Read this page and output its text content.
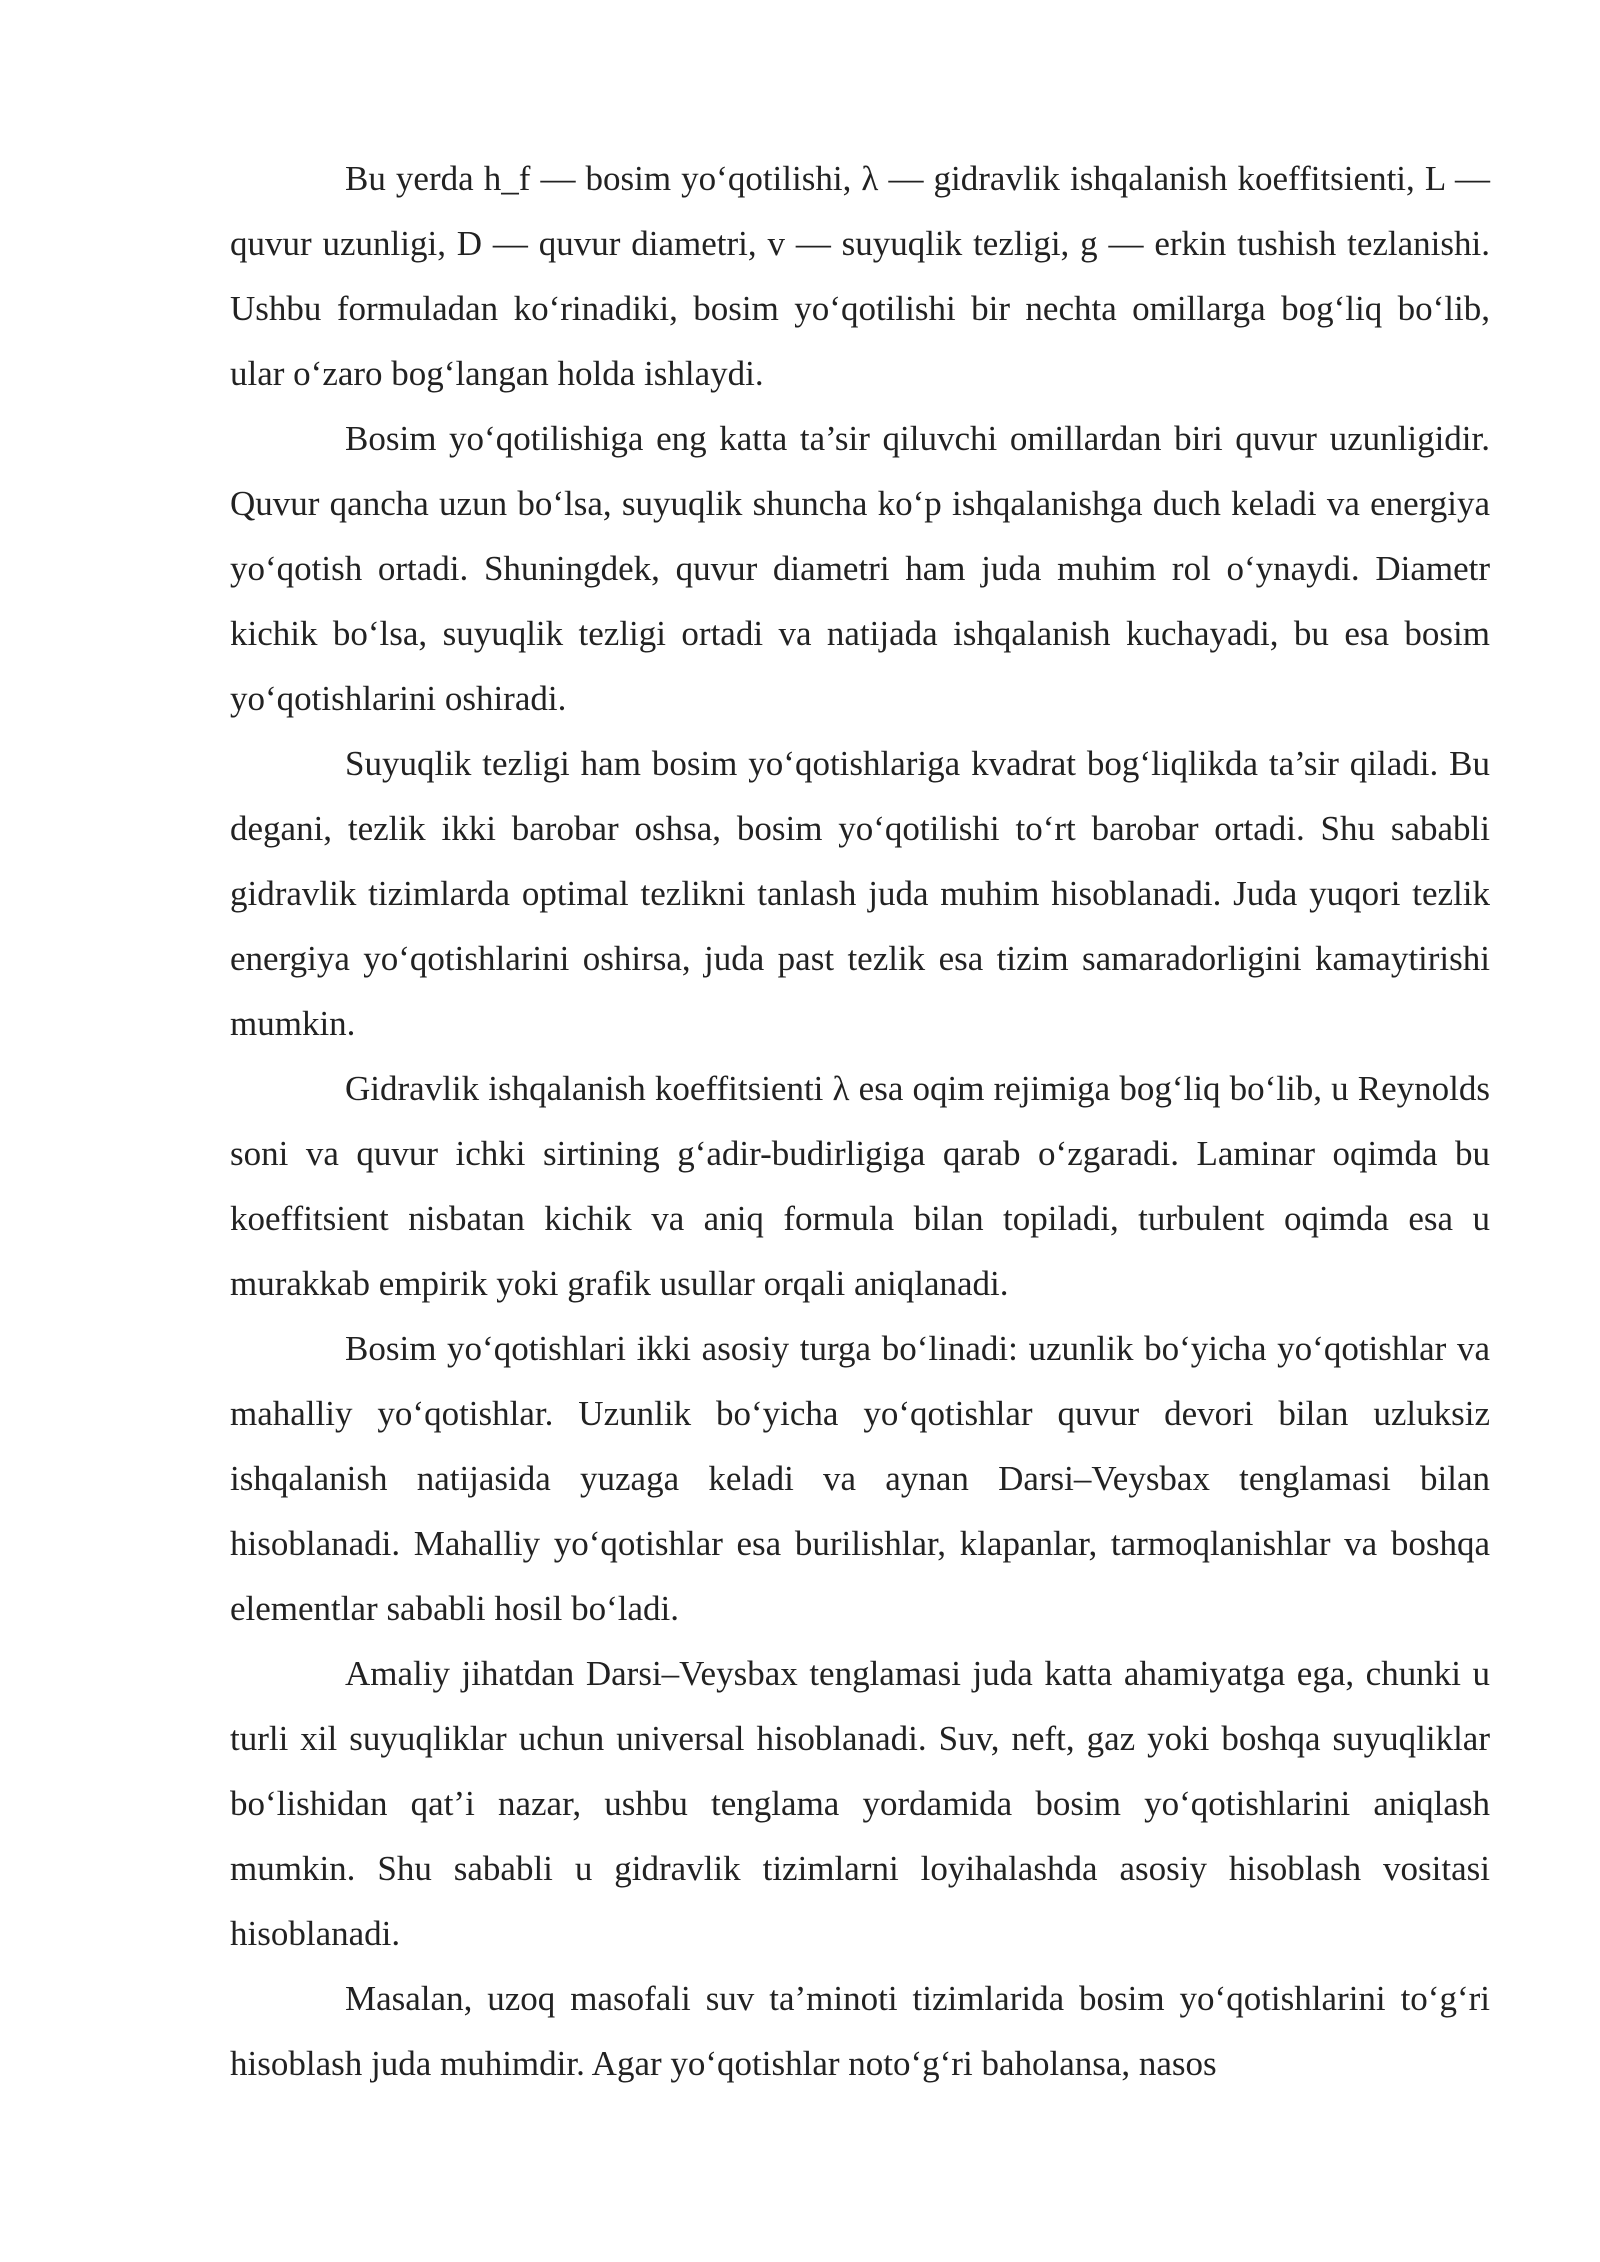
Bu yerda h_f — bosim yo‘qotilishi, λ — gidravlik ishqalanish koeffitsienti, L — quvur uzunligi, D — quvur diametri, v — suyuqlik tezligi, g — erkin tushish tezlanishi. Ushbu formuladan ko‘rinadiki, bosim yo‘qotilishi bir nechta omillarga bog‘liq bo‘lib, ular o‘zaro bog‘langan holda ishlaydi.

Bosim yo‘qotilishiga eng katta ta’sir qiluvchi omillardan biri quvur uzunligidir. Quvur qancha uzun bo‘lsa, suyuqlik shuncha ko‘p ishqalanishga duch keladi va energiya yo‘qotish ortadi. Shuningdek, quvur diametri ham juda muhim rol o‘ynaydi. Diametr kichik bo‘lsa, suyuqlik tezligi ortadi va natijada ishqalanish kuchayadi, bu esa bosim yo‘qotishlarini oshiradi.

Suyuqlik tezligi ham bosim yo‘qotishlariga kvadrat bog‘liqlikda ta’sir qiladi. Bu degani, tezlik ikki barobar oshsa, bosim yo‘qotilishi to‘rt barobar ortadi. Shu sababli gidravlik tizimlarda optimal tezlikni tanlash juda muhim hisoblanadi. Juda yuqori tezlik energiya yo‘qotishlarini oshirsa, juda past tezlik esa tizim samaradorligini kamaytirishi mumkin.

Gidravlik ishqalanish koeffitsienti λ esa oqim rejimiga bog‘liq bo‘lib, u Reynolds soni va quvur ichki sirtining g‘adir-budirligiga qarab o‘zgaradi. Laminar oqimda bu koeffitsient nisbatan kichik va aniq formula bilan topiladi, turbulent oqimda esa u murakkab empirik yoki grafik usullar orqali aniqlanadi.

Bosim yo‘qotishlari ikki asosiy turga bo‘linadi: uzunlik bo‘yicha yo‘qotishlar va mahalliy yo‘qotishlar. Uzunlik bo‘yicha yo‘qotishlar quvur devori bilan uzluksiz ishqalanish natijasida yuzaga keladi va aynan Darsi–Veysbax tenglamasi bilan hisoblanadi. Mahalliy yo‘qotishlar esa burilishlar, klapanlar, tarmoqlanishlar va boshqa elementlar sababli hosil bo‘ladi.

Amaliy jihatdan Darsi–Veysbax tenglamasi juda katta ahamiyatga ega, chunki u turli xil suyuqliklar uchun universal hisoblanadi. Suv, neft, gaz yoki boshqa suyuqliklar bo‘lishidan qat’i nazar, ushbu tenglama yordamida bosim yo‘qotishlarini aniqlash mumkin. Shu sababli u gidravlik tizimlarni loyihalashda asosiy hisoblash vositasi hisoblanadi.

Masalan, uzoq masofali suv ta’minoti tizimlarida bosim yo‘qotishlarini to‘g‘ri hisoblash juda muhimdir. Agar yo‘qotishlar noto‘g‘ri baholansa, nasos
